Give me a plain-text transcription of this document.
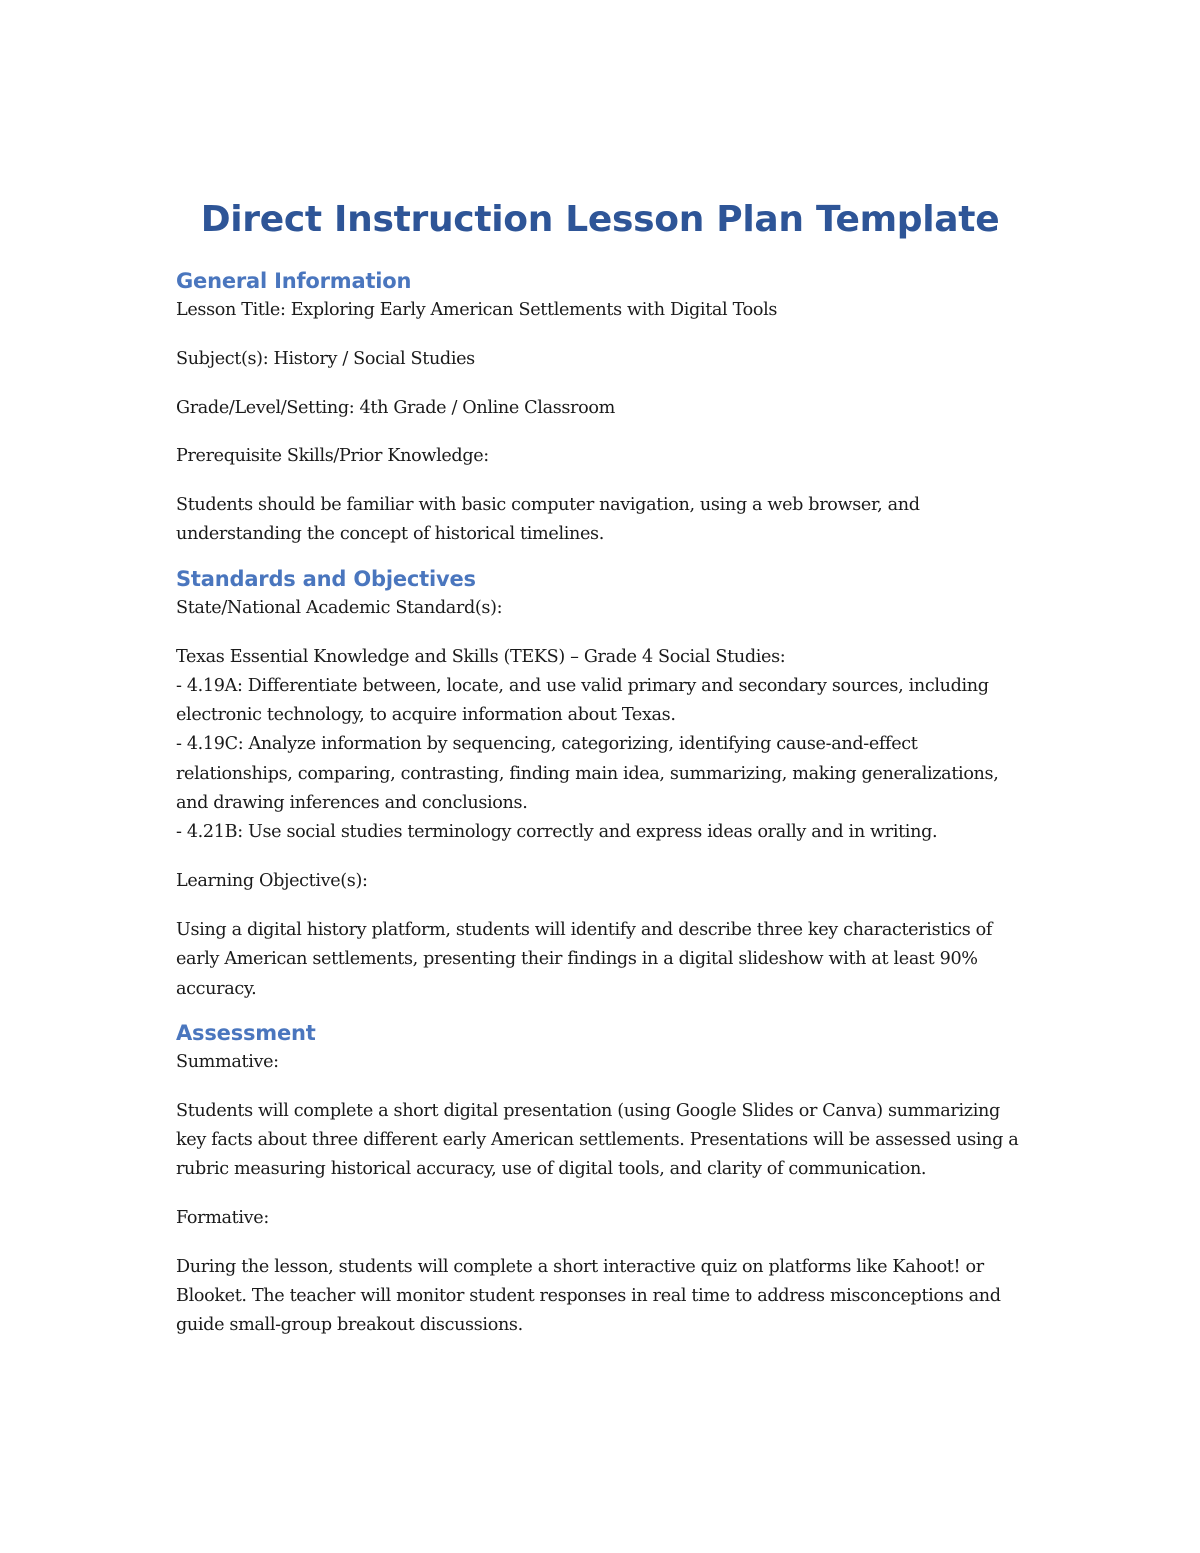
Direct Instruction Lesson Plan Template
General Information

Lesson Title: Exploring Early American Settlements with Digital Tools

Subject(s): History / Social Studies

Grade/Level/Setting: 4th Grade / Online Classroom

Prerequisite Skills/Prior Knowledge:

Students should be familiar with basic computer navigation, using a web browser, and understanding the concept of historical timelines.

Standards and Objectives

State/National Academic Standard(s):

Texas Essential Knowledge and Skills (TEKS) – Grade 4 Social Studies:
- 4.19A: Differentiate between, locate, and use valid primary and secondary sources, including electronic technology, to acquire information about Texas.
- 4.19C: Analyze information by sequencing, categorizing, identifying cause-and-effect relationships, comparing, contrasting, finding main idea, summarizing, making generalizations, and drawing inferences and conclusions.
- 4.21B: Use social studies terminology correctly and express ideas orally and in writing.

Learning Objective(s):

Using a digital history platform, students will identify and describe three key characteristics of early American settlements, presenting their findings in a digital slideshow with at least 90% accuracy.

Assessment

Summative:

Students will complete a short digital presentation (using Google Slides or Canva) summarizing key facts about three different early American settlements. Presentations will be assessed using a rubric measuring historical accuracy, use of digital tools, and clarity of communication.

Formative:

During the lesson, students will complete a short interactive quiz on platforms like Kahoot! or Blooket. The teacher will monitor student responses in real time to address misconceptions and guide small-group breakout discussions.
